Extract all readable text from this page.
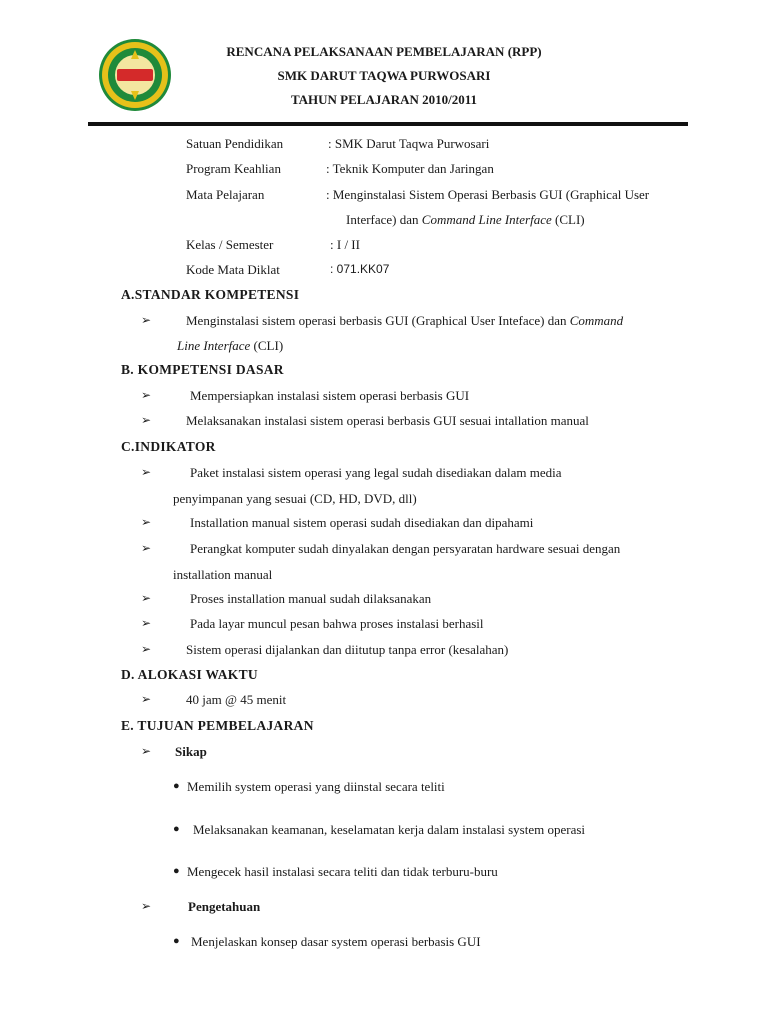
RENCANA PELAKSANAAN PEMBELAJARAN (RPP)
SMK DARUT TAQWA PURWOSARI
TAHUN PELAJARAN 2010/2011
Satuan Pendidikan	: SMK Darut Taqwa Purwosari
Program Keahlian	: Teknik Komputer dan Jaringan
Mata Pelajaran	: Menginstalasi Sistem Operasi Berbasis GUI (Graphical User
Interface) dan Command Line Interface (CLI)
Kelas / Semester	: I / II
Kode Mata Diklat	: 071.KK07
A.STANDAR KOMPETENSI
➢	Menginstalasi sistem operasi berbasis GUI (Graphical User Inteface) dan Command
Line Interface (CLI)
B. KOMPETENSI DASAR
➢	Mempersiapkan instalasi sistem operasi berbasis GUI
➢	Melaksanakan instalasi sistem operasi berbasis GUI sesuai intallation manual
C.INDIKATOR
➢	Paket instalasi sistem operasi yang legal sudah disediakan dalam media
penyimpanan yang sesuai (CD, HD, DVD, dll)
➢	Installation manual sistem operasi sudah disediakan dan dipahami
➢	Perangkat komputer sudah dinyalakan dengan persyaratan hardware sesuai dengan
installation manual
➢	Proses installation manual sudah dilaksanakan
➢	Pada layar muncul pesan bahwa proses instalasi berhasil
➢	Sistem operasi dijalankan dan diitutup tanpa error (kesalahan)
D. ALOKASI WAKTU
➢	40 jam @ 45 menit
E. TUJUAN PEMBELAJARAN
➢ Sikap
● Memilih system operasi yang diinstal secara teliti
● Melaksanakan keamanan, keselamatan kerja dalam instalasi system operasi
● Mengecek hasil instalasi secara teliti dan tidak terburu-buru
➢	Pengetahuan
● Menjelaskan konsep dasar system operasi berbasis GUI
